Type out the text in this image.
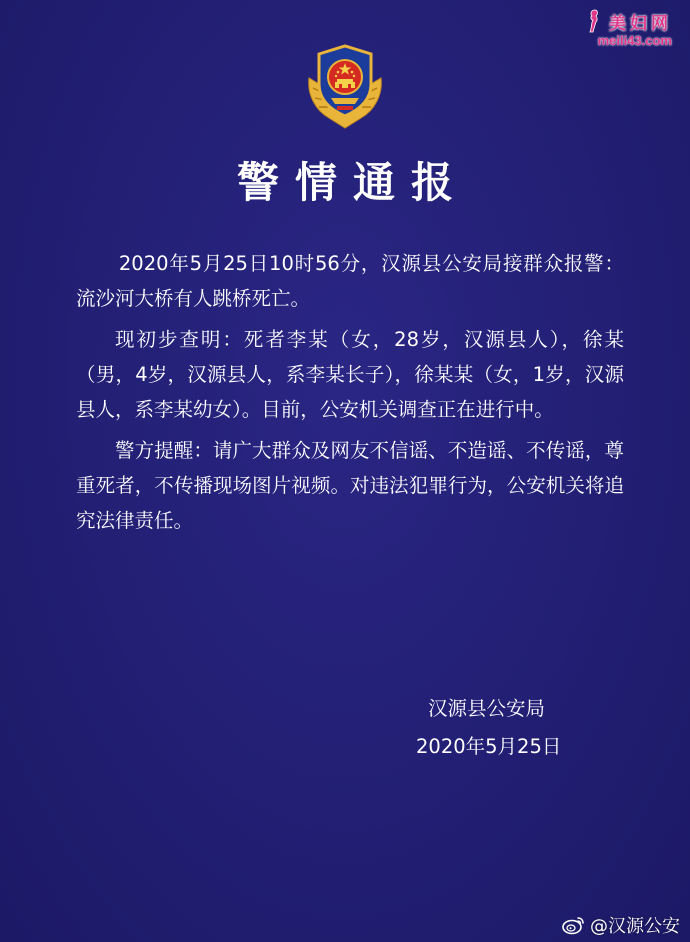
美妇网
meili43.com
警情通报

2020年5月25日10时56分，汉源县公安局接群众报警：流沙河大桥有人跳桥死亡。

现初步查明：死者李某（女，28岁，汉源县人），徐某（男，4岁，汉源县人，系李某长子），徐某某（女，1岁，汉源县人，系李某幼女）。目前，公安机关调查正在进行中。

警方提醒：请广大群众及网友不信谣、不造谣、不传谣，尊重死者，不传播现场图片视频。对违法犯罪行为，公安机关将追究法律责任。

汉源县公安局
2020年5月25日
@汉源公安
